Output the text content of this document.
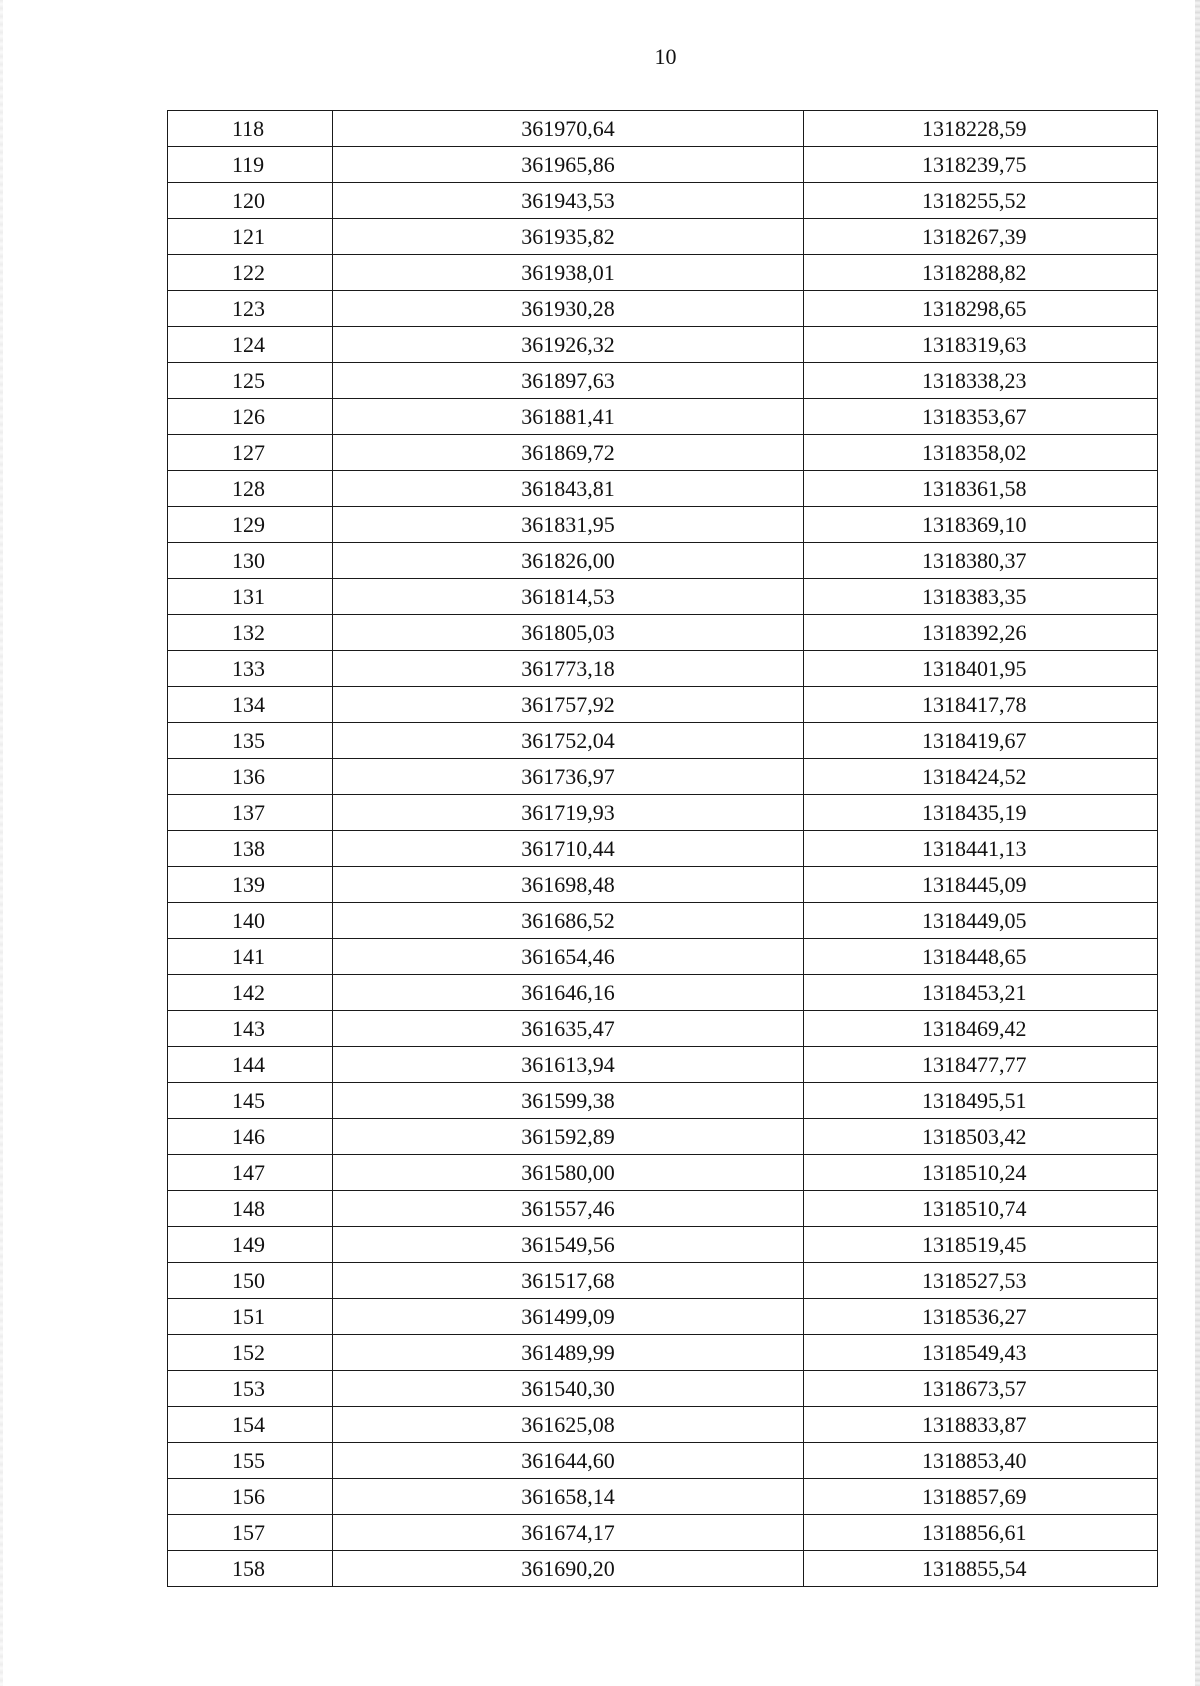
10
118	361970,64	1318228,59
119	361965,86	1318239,75
120	361943,53	1318255,52
121	361935,82	1318267,39
122	361938,01	1318288,82
123	361930,28	1318298,65
124	361926,32	1318319,63
125	361897,63	1318338,23
126	361881,41	1318353,67
127	361869,72	1318358,02
128	361843,81	1318361,58
129	361831,95	1318369,10
130	361826,00	1318380,37
131	361814,53	1318383,35
132	361805,03	1318392,26
133	361773,18	1318401,95
134	361757,92	1318417,78
135	361752,04	1318419,67
136	361736,97	1318424,52
137	361719,93	1318435,19
138	361710,44	1318441,13
139	361698,48	1318445,09
140	361686,52	1318449,05
141	361654,46	1318448,65
142	361646,16	1318453,21
143	361635,47	1318469,42
144	361613,94	1318477,77
145	361599,38	1318495,51
146	361592,89	1318503,42
147	361580,00	1318510,24
148	361557,46	1318510,74
149	361549,56	1318519,45
150	361517,68	1318527,53
151	361499,09	1318536,27
152	361489,99	1318549,43
153	361540,30	1318673,57
154	361625,08	1318833,87
155	361644,60	1318853,40
156	361658,14	1318857,69
157	361674,17	1318856,61
158	361690,20	1318855,54
